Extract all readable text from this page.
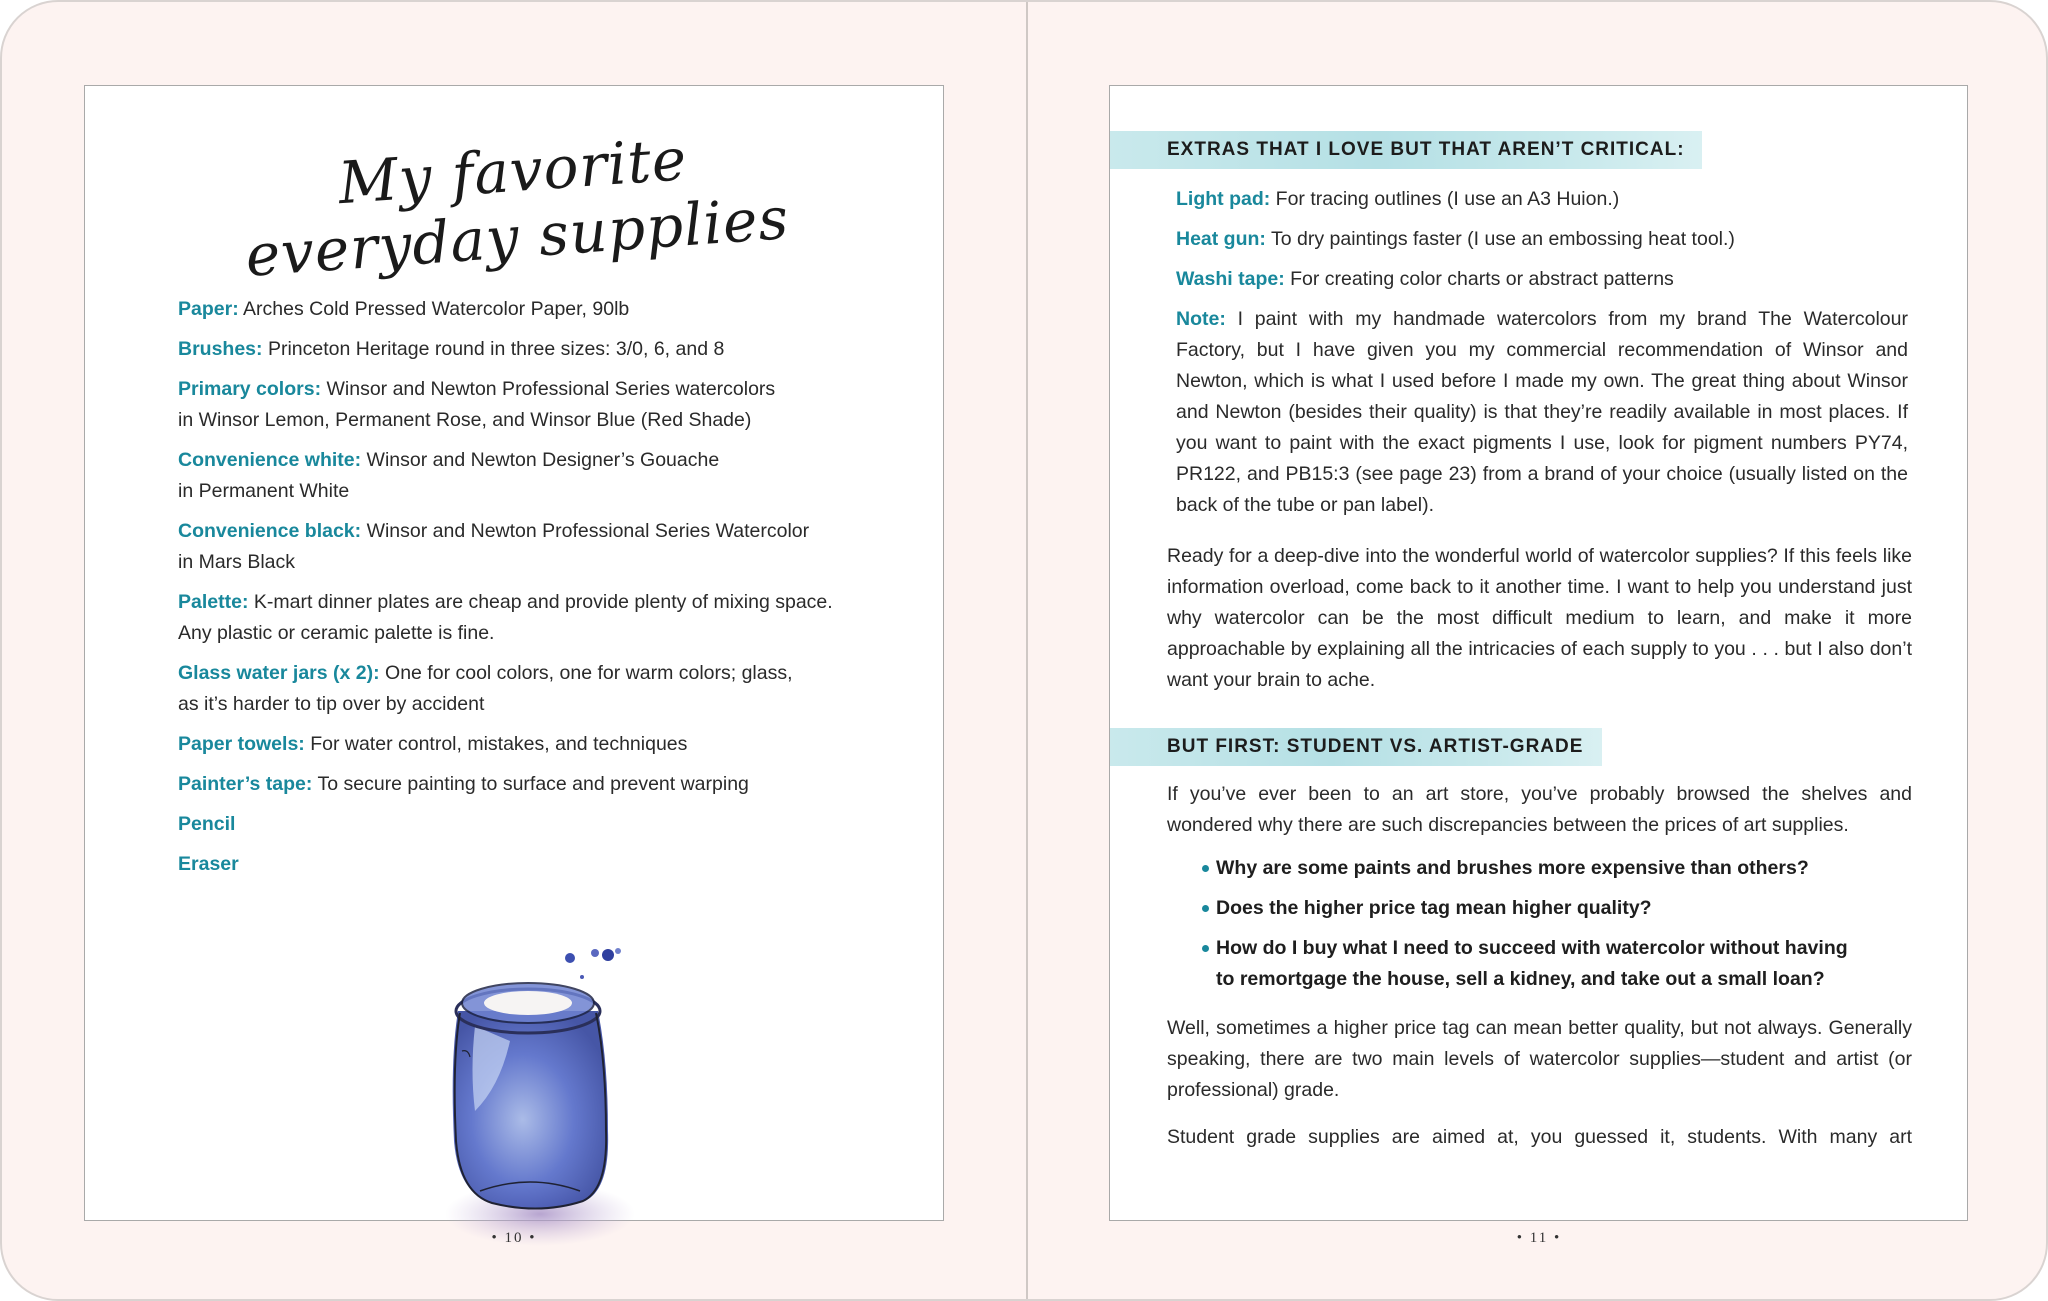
My favorite everyday supplies
Paper: Arches Cold Pressed Watercolor Paper, 90lb
Brushes: Princeton Heritage round in three sizes: 3/0, 6, and 8
Primary colors: Winsor and Newton Professional Series watercolors in Winsor Lemon, Permanent Rose, and Winsor Blue (Red Shade)
Convenience white: Winsor and Newton Designer’s Gouache in Permanent White
Convenience black: Winsor and Newton Professional Series Watercolor in Mars Black
Palette: K-mart dinner plates are cheap and provide plenty of mixing space. Any plastic or ceramic palette is fine.
Glass water jars (x 2): One for cool colors, one for warm colors; glass, as it’s harder to tip over by accident
Paper towels: For water control, mistakes, and techniques
Painter’s tape: To secure painting to surface and prevent warping
Pencil
Eraser
EXTRAS THAT I LOVE BUT THAT AREN’T CRITICAL:
Light pad: For tracing outlines (I use an A3 Huion.)
Heat gun: To dry paintings faster (I use an embossing heat tool.)
Washi tape: For creating color charts or abstract patterns
Note: I paint with my handmade watercolors from my brand The Watercolour Factory, but I have given you my commercial recommendation of Winsor and Newton, which is what I used before I made my own. The great thing about Winsor and Newton (besides their quality) is that they’re readily available in most places. If you want to paint with the exact pigments I use, look for pigment numbers PY74, PR122, and PB15:3 (see page 23) from a brand of your choice (usually listed on the back of the tube or pan label).
Ready for a deep-dive into the wonderful world of watercolor supplies? If this feels like information overload, come back to it another time. I want to help you understand just why watercolor can be the most difficult medium to learn, and make it more approachable by explaining all the intricacies of each supply to you . . . but I also don’t want your brain to ache.
BUT FIRST: STUDENT VS. ARTIST-GRADE
If you’ve ever been to an art store, you’ve probably browsed the shelves and wondered why there are such discrepancies between the prices of art supplies.
Why are some paints and brushes more expensive than others?
Does the higher price tag mean higher quality?
How do I buy what I need to succeed with watercolor without having to remortgage the house, sell a kidney, and take out a small loan?
Well, sometimes a higher price tag can mean better quality, but not always. Generally speaking, there are two main levels of watercolor supplies—student and artist (or professional) grade.
Student grade supplies are aimed at, you guessed it, students. With many art
• 10 •	• 11 •
